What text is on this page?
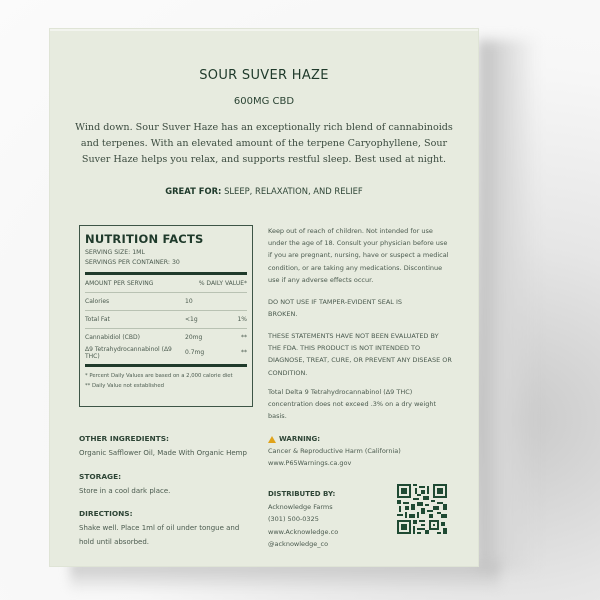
SOUR SUVER HAZE
600MG CBD
Wind down. Sour Suver Haze has an exceptionally rich blend of cannabinoids and terpenes. With an elevated amount of the terpene Caryophyllene, Sour Suver Haze helps you relax, and supports restful sleep. Best used at night.
GREAT FOR: SLEEP, RELAXATION, AND RELIEF
NUTRITION FACTS
SERVING SIZE: 1ML
SERVINGS PER CONTAINER: 30
AMOUNT PER SERVING	% DAILY VALUE*
Calories	10
Total Fat	<1g	1%
Cannabidiol (CBD)	20mg	**
Δ9 Tetrahydrocannabinol (Δ9 THC)	0.7mg	**
* Percent Daily Values are based on a 2,000 calorie diet
** Daily Value not established
OTHER INGREDIENTS:
Organic Safflower Oil, Made With Organic Hemp
STORAGE:
Store in a cool dark place.
DIRECTIONS:
Shake well. Place 1ml of oil under tongue and hold until absorbed.
Keep out of reach of children. Not intended for use under the age of 18. Consult your physician before use if you are pregnant, nursing, have or suspect a medical condition, or are taking any medications. Discontinue use if any adverse effects occur.
DO NOT USE IF TAMPER-EVIDENT SEAL IS BROKEN.
THESE STATEMENTS HAVE NOT BEEN EVALUATED BY THE FDA. THIS PRODUCT IS NOT INTENDED TO DIAGNOSE, TREAT, CURE, OR PREVENT ANY DISEASE OR CONDITION.
Total Delta 9 Tetrahydrocannabinol (Δ9 THC) concentration does not exceed .3% on a dry weight basis.
WARNING:
Cancer & Reproductive Harm (California)
www.P65Warnings.ca.gov
DISTRIBUTED BY:
Acknowledge Farms
(301) 500-0325
www.Acknowledge.co
@acknowledge_co
